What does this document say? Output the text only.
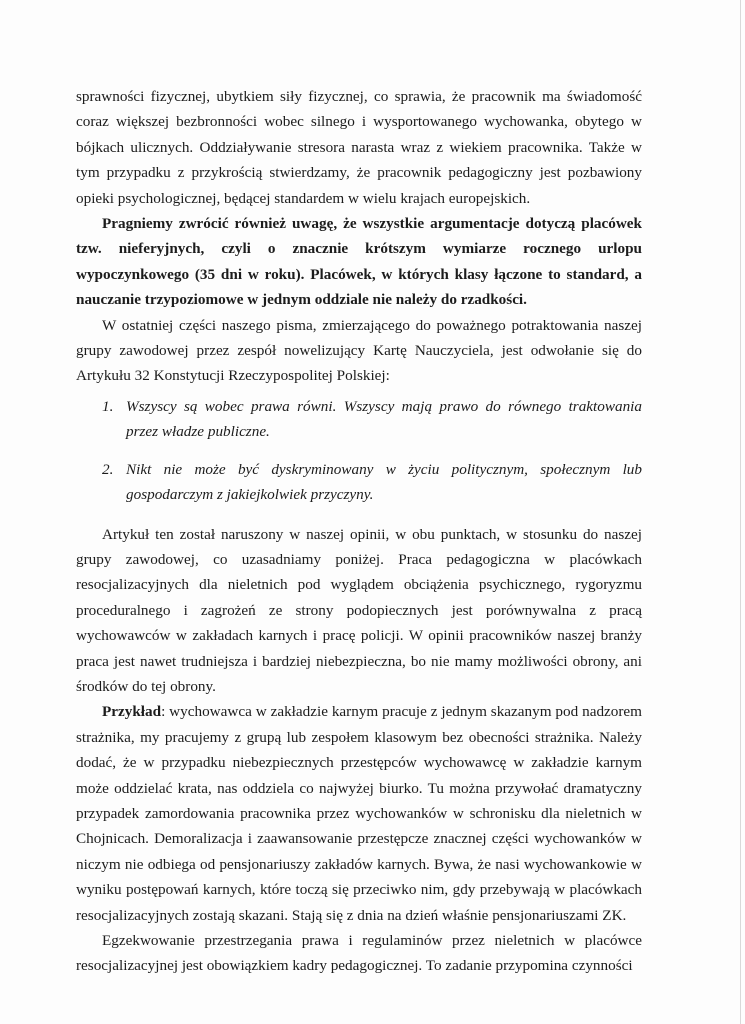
sprawności fizycznej, ubytkiem siły fizycznej, co sprawia, że pracownik ma świadomość coraz większej bezbronności wobec silnego i wysportowanego wychowanka, obytego w bójkach ulicznych. Oddziaływanie stresora narasta wraz z wiekiem pracownika. Także w tym przypadku z przykrością stwierdzamy, że pracownik pedagogiczny jest pozbawiony opieki psychologicznej, będącej standardem w wielu krajach europejskich.

Pragniemy zwrócić również uwagę, że wszystkie argumentacje dotyczą placówek tzw. nieferyjnych, czyli o znacznie krótszym wymiarze rocznego urlopu wypoczynkowego (35 dni w roku). Placówek, w których klasy łączone to standard, a nauczanie trzypoziomowe w jednym oddziale nie należy do rzadkości.

W ostatniej części naszego pisma, zmierzającego do poważnego potraktowania naszej grupy zawodowej przez zespół nowelizujący Kartę Nauczyciela, jest odwołanie się do Artykułu 32 Konstytucji Rzeczypospolitej Polskiej:

1. Wszyscy są wobec prawa równi. Wszyscy mają prawo do równego traktowania przez władze publiczne.
2. Nikt nie może być dyskryminowany w życiu politycznym, społecznym lub gospodarczym z jakiejkolwiek przyczyny.

Artykuł ten został naruszony w naszej opinii, w obu punktach, w stosunku do naszej grupy zawodowej, co uzasadniamy poniżej. Praca pedagogiczna w placówkach resocjalizacyjnych dla nieletnich pod wyglądem obciążenia psychicznego, rygoryzmu proceduralnego i zagrożeń ze strony podopiecznych jest porównywalna z pracą wychowawców w zakładach karnych i pracę policji. W opinii pracowników naszej branży praca jest nawet trudniejsza i bardziej niebezpieczna, bo nie mamy możliwości obrony, ani środków do tej obrony.

Przykład: wychowawca w zakładzie karnym pracuje z jednym skazanym pod nadzorem strażnika, my pracujemy z grupą lub zespołem klasowym bez obecności strażnika. Należy dodać, że w przypadku niebezpiecznych przestępców wychowawcę w zakładzie karnym może oddzielać krata, nas oddziela co najwyżej biurko. Tu można przywołać dramatyczny przypadek zamordowania pracownika przez wychowanków w schronisku dla nieletnich w Chojnicach. Demoralizacja i zaawansowanie przestępcze znacznej części wychowanków w niczym nie odbiega od pensjonariuszy zakładów karnych. Bywa, że nasi wychowankowie w wyniku postępowań karnych, które toczą się przeciwko nim, gdy przebywają w placówkach resocjalizacyjnych zostają skazani. Stają się z dnia na dzień właśnie pensjonariuszami ZK.

Egzekwowanie przestrzegania prawa i regulaminów przez nieletnich w placówce resocjalizacyjnej jest obowiązkiem kadry pedagogicznej. To zadanie przypomina czynności
